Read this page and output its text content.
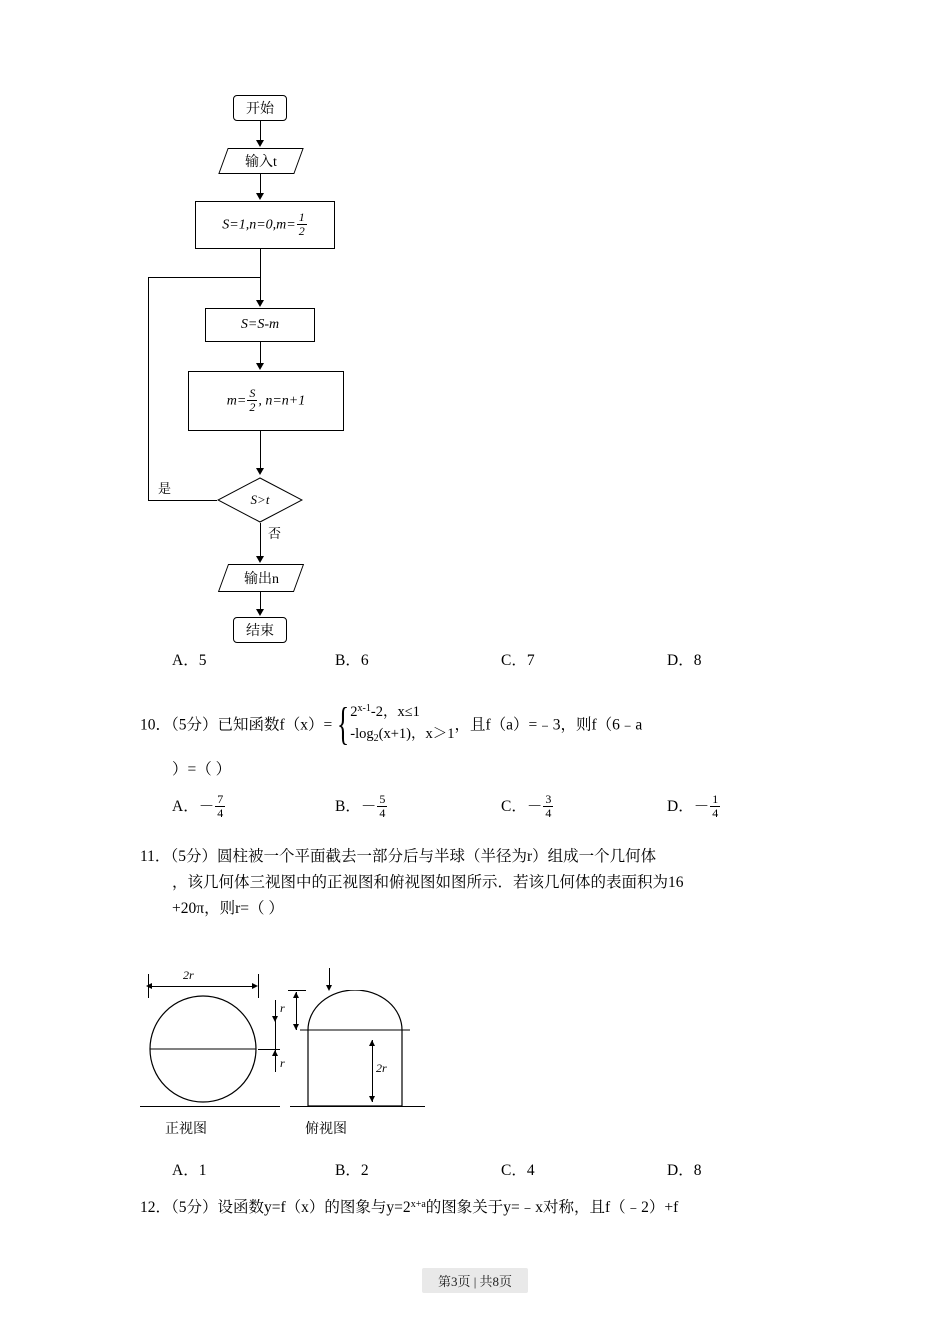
开始
输入t
$S=1,n=0,m= \frac{1}{2}$
S=S-m
$m= \frac{S}{2}$ , n=n+1
S>t
是
否
输出n
结束
A．5	B．6	C．7	D．8
10．（5分）已知函数f（x）= { 2$^{x-1}$-2，x≤1
$-\log_2(x+1)$，x＞1
，且f（a）=﹣3，则f（6﹣a
）=（ ）
A．－ $\frac{7}{4}$	B．－ $\frac{5}{4}$	C．－ $\frac{3}{4}$	D．－ $\frac{1}{4}$
11．（5分）圆柱被一个平面截去一部分后与半球（半径为r）组成一个几何体
，该几何体三视图中的正视图和俯视图如图所示．若该几何体的表面积为16
+20π，则r=（ ）
2r
r
正视图
r
2r
俯视图
A．1	B．2	C．4	D．8
12．（5分）设函数y=f（x）的图象与$y=2^{x+a}$的图象关于y=﹣x对称，且f（﹣2）+f
第3页 | 共8页
